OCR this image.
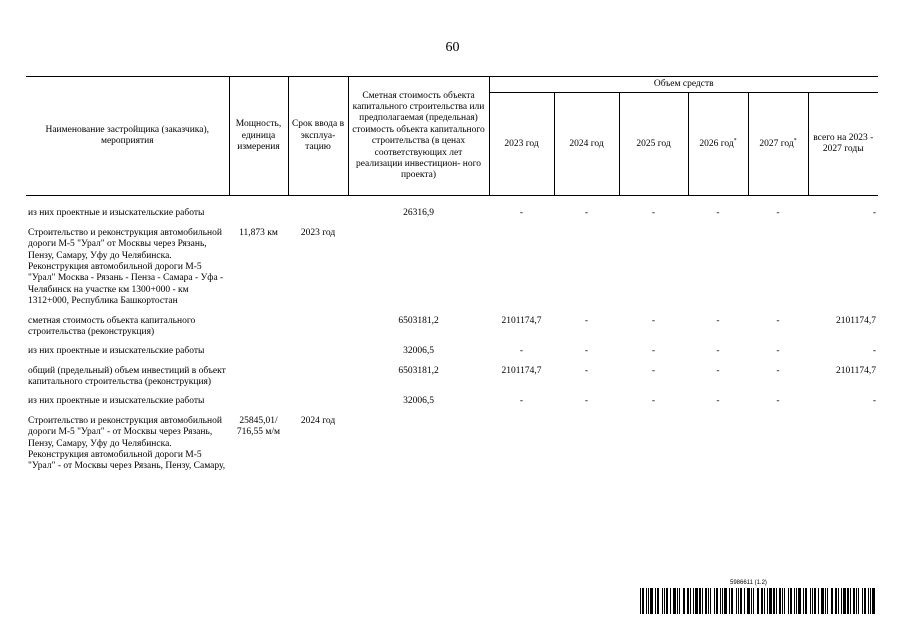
60
Наименование застройщика (заказчика), мероприятия	Мощность, единица измерения	Срок ввода в эксплуа- тацию	Сметная стоимость объекта капитального строительства или предполагаемая (предельная) стоимость объекта капитального строительства (в ценах соответствующих лет реализации инвестицион- ного проекта)	Объем средств					
				2023 год	2024 год	2025 год	2026 год*	2027 год*	всего на 2023 - 2027 годы

из них проектные и изыскательские работы			26316,9	-	-	-	-	-	-
Строительство и реконструкция автомобильной дороги М-5 "Урал" от Москвы через Рязань, Пензу, Самару, Уфу до Челябинска. Реконструкция автомобильной дороги М-5 "Урал" Москва - Рязань - Пенза - Самара - Уфа - Челябинск на участке км 1300+000 - км 1312+000, Республика Башкортостан	11,873 км	2023 год							
сметная стоимость объекта капитального строительства (реконструкция)			6503181,2	2101174,7	-	-	-	-	2101174,7
из них проектные и изыскательские работы			32006,5	-	-	-	-	-	-
общий (предельный) объем инвестиций в объект капитального строительства (реконструкция)			6503181,2	2101174,7	-	-	-	-	2101174,7
из них проектные и изыскательские работы			32006,5	-	-	-	-	-	-
Строительство и реконструкция автомобильной дороги М-5 "Урал" - от Москвы через Рязань, Пензу, Самару, Уфу до Челябинска. Реконструкция автомобильной дороги М-5 "Урал" - от Москвы через Рязань, Пензу, Самару,	25845,01/ 716,55 м/м	2024 год							
5986611 (1.2)
